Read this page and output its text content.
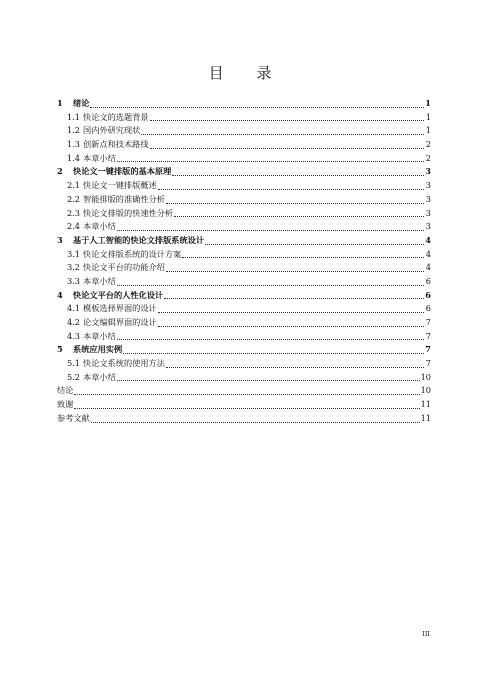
目 录
1	绪论	1
1.1 快论文的选题背景	1
1.2 国内外研究现状	1
1.3 创新点和技术路线	2
1.4 本章小结	2
2	快论文一键排版的基本原理	3
2.1 快论文一键排版概述	3
2.2 智能排版的准确性分析	3
2.3 快论文排版的快速性分析	3
2.4 本章小结	3
3	基于人工智能的快论文排版系统设计	4
3.1 快论文排版系统的设计方案	4
3.2 快论文平台的功能介绍	4
3.3 本章小结	6
4	快论文平台的人性化设计	6
4.1 模板选择界面的设计	6
4.2 论文编辑界面的设计	7
4.3 本章小结	7
5	系统应用实例	7
5.1 快论文系统的使用方法	7
5.2 本章小结	10
结论	10
致谢	11
参考文献	11
III
